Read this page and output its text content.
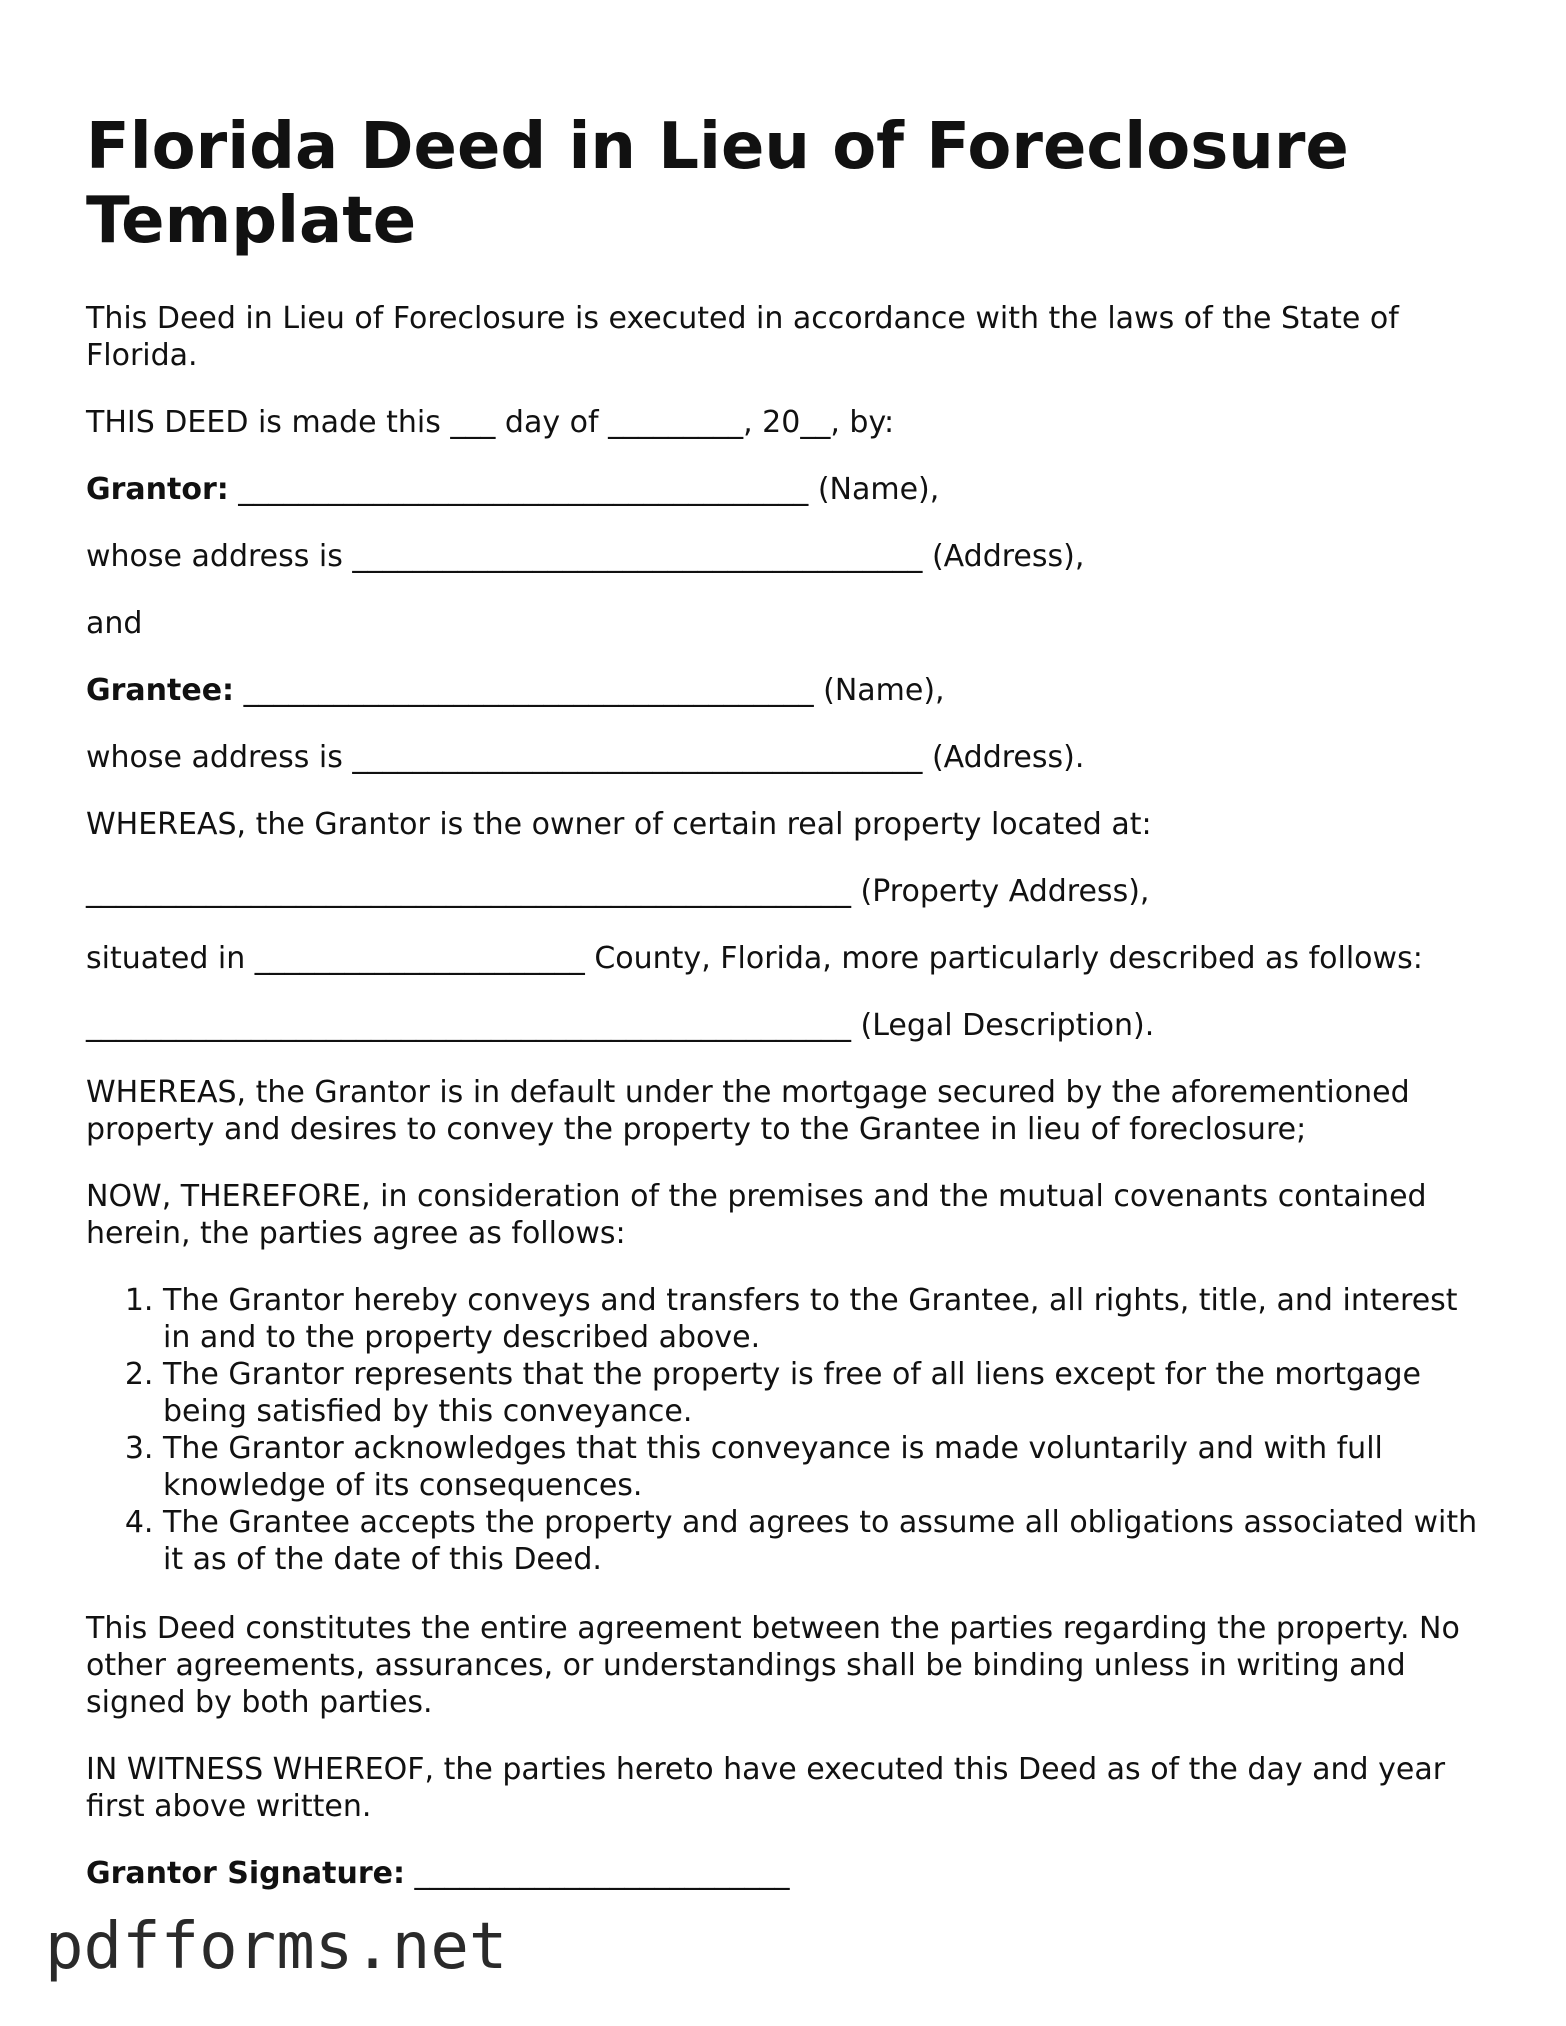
Florida Deed in Lieu of Foreclosure Template

This Deed in Lieu of Foreclosure is executed in accordance with the laws of the State of Florida.

THIS DEED is made this ___ day of _________, 20__, by:

Grantor: ______________________________________ (Name),

whose address is ______________________________________ (Address),

and

Grantee: ______________________________________ (Name),

whose address is ______________________________________ (Address).

WHEREAS, the Grantor is the owner of certain real property located at:

___________________________________________________ (Property Address),

situated in ______________________ County, Florida, more particularly described as follows:

___________________________________________________ (Legal Description).

WHEREAS, the Grantor is in default under the mortgage secured by the aforementioned property and desires to convey the property to the Grantee in lieu of foreclosure;

NOW, THEREFORE, in consideration of the premises and the mutual covenants contained herein, the parties agree as follows:

1. The Grantor hereby conveys and transfers to the Grantee, all rights, title, and interest in and to the property described above.
2. The Grantor represents that the property is free of all liens except for the mortgage being satisfied by this conveyance.
3. The Grantor acknowledges that this conveyance is made voluntarily and with full knowledge of its consequences.
4. The Grantee accepts the property and agrees to assume all obligations associated with it as of the date of this Deed.

This Deed constitutes the entire agreement between the parties regarding the property. No other agreements, assurances, or understandings shall be binding unless in writing and signed by both parties.

IN WITNESS WHEREOF, the parties hereto have executed this Deed as of the day and year first above written.

Grantor Signature: _________________________

pdfforms.net
